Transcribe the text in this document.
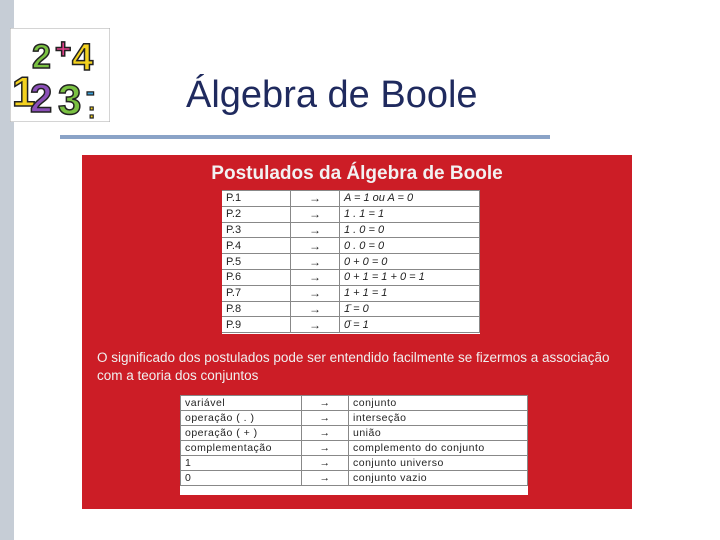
2 + 4
1
2 3 -
: Álgebra de Boole
Postulados da Álgebra de Boole
P.1	→	A = 1 ou A = 0
P.2	→	1 . 1 = 1
P.3	→	1 . 0 = 0
P.4	→	0 . 0 = 0
P.5	→	0 + 0 = 0
P.6	→	0 + 1 = 1 + 0 = 1
P.7	→	1 + 1 = 1
P.8	→	1̄ = 0
P.9	→	0̄ = 1
O significado dos postulados pode ser entendido facilmente se fizermos a associação com a teoria dos conjuntos
variável	→	conjunto
operação ( . )	→	interseção
operação ( + )	→	união
complementação	→	complemento do conjunto
1	→	conjunto universo
0	→	conjunto vazio
